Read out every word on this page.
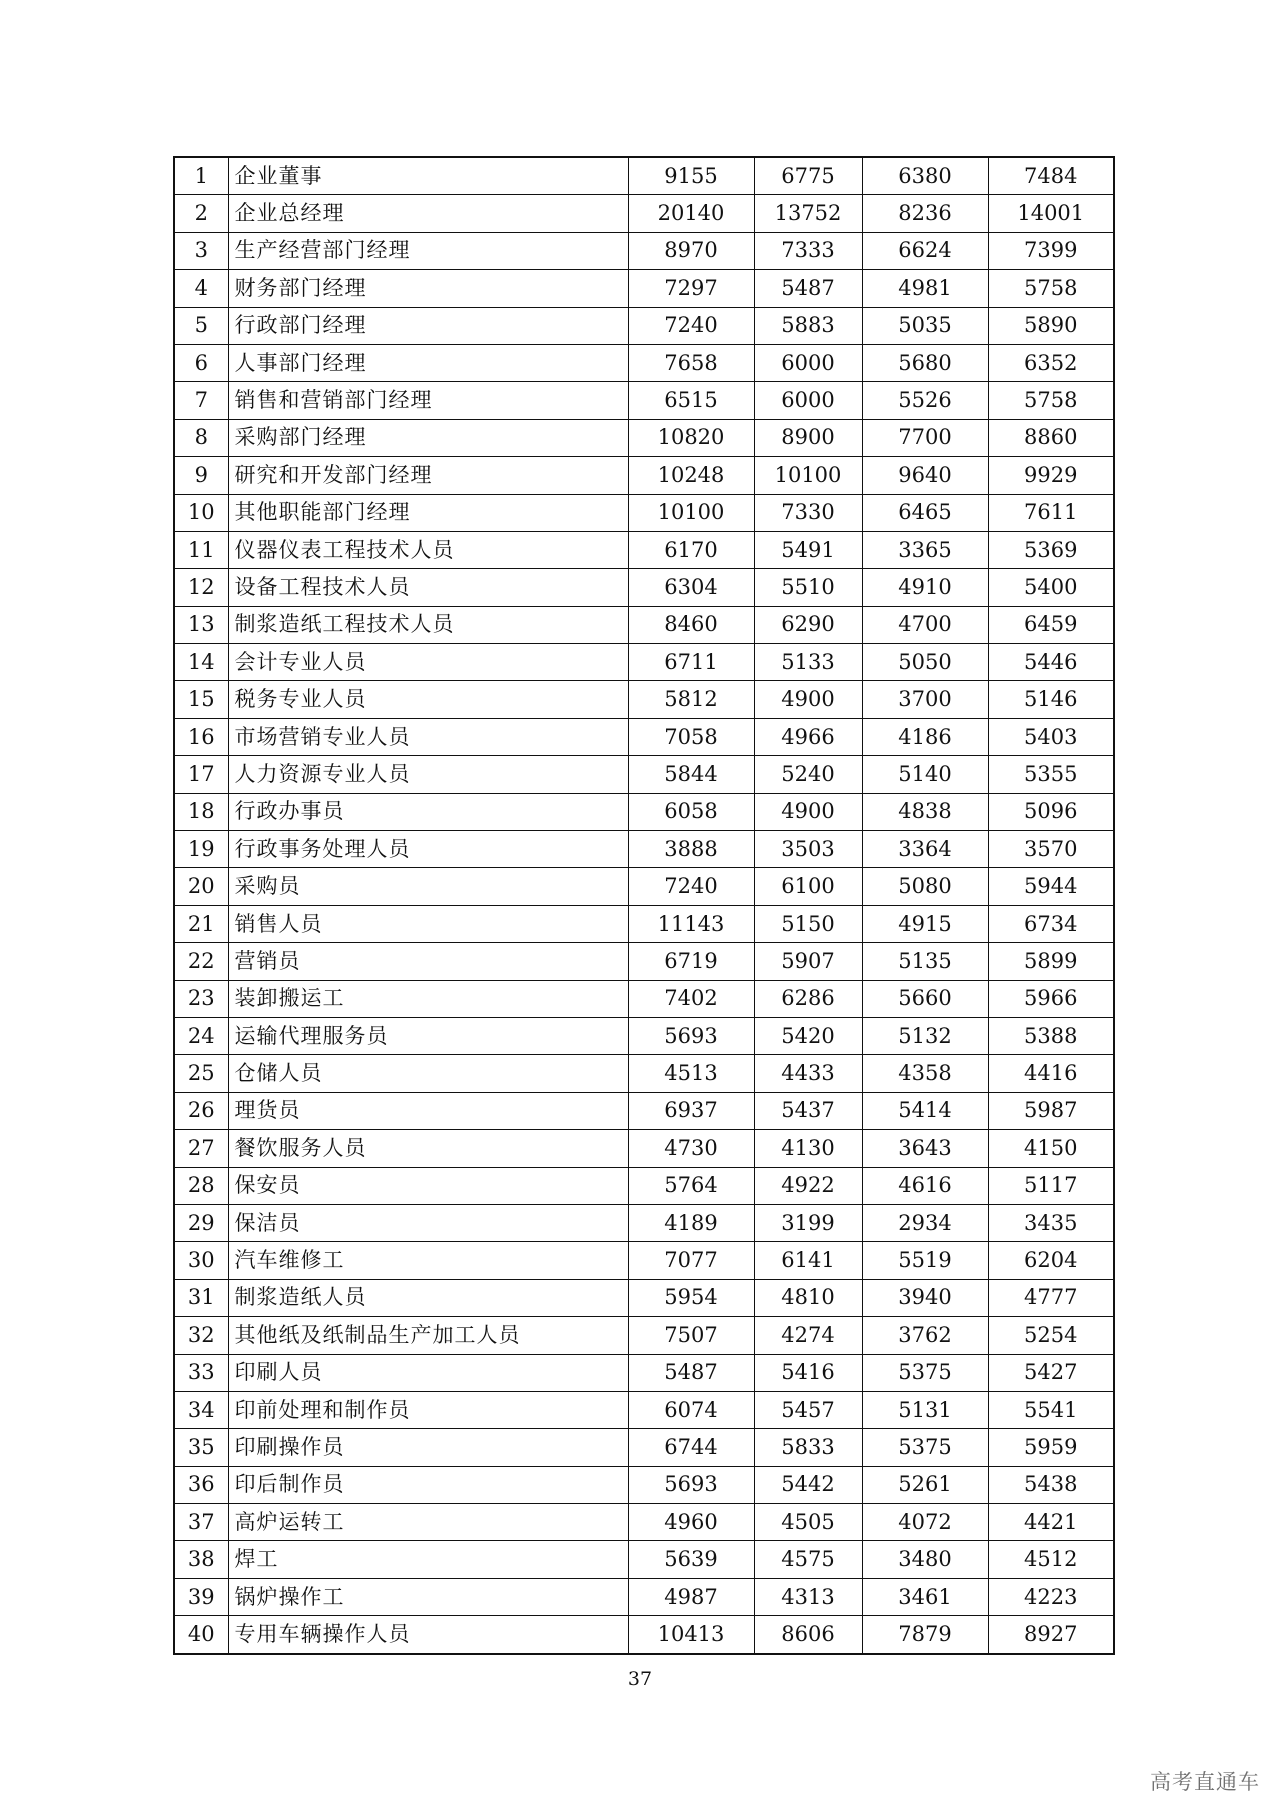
1	企业董事	9155	6775	6380	7484
2	企业总经理	20140	13752	8236	14001
3	生产经营部门经理	8970	7333	6624	7399
4	财务部门经理	7297	5487	4981	5758
5	行政部门经理	7240	5883	5035	5890
6	人事部门经理	7658	6000	5680	6352
7	销售和营销部门经理	6515	6000	5526	5758
8	采购部门经理	10820	8900	7700	8860
9	研究和开发部门经理	10248	10100	9640	9929
10	其他职能部门经理	10100	7330	6465	7611
11	仪器仪表工程技术人员	6170	5491	3365	5369
12	设备工程技术人员	6304	5510	4910	5400
13	制浆造纸工程技术人员	8460	6290	4700	6459
14	会计专业人员	6711	5133	5050	5446
15	税务专业人员	5812	4900	3700	5146
16	市场营销专业人员	7058	4966	4186	5403
17	人力资源专业人员	5844	5240	5140	5355
18	行政办事员	6058	4900	4838	5096
19	行政事务处理人员	3888	3503	3364	3570
20	采购员	7240	6100	5080	5944
21	销售人员	11143	5150	4915	6734
22	营销员	6719	5907	5135	5899
23	装卸搬运工	7402	6286	5660	5966
24	运输代理服务员	5693	5420	5132	5388
25	仓储人员	4513	4433	4358	4416
26	理货员	6937	5437	5414	5987
27	餐饮服务人员	4730	4130	3643	4150
28	保安员	5764	4922	4616	5117
29	保洁员	4189	3199	2934	3435
30	汽车维修工	7077	6141	5519	6204
31	制浆造纸人员	5954	4810	3940	4777
32	其他纸及纸制品生产加工人员	7507	4274	3762	5254
33	印刷人员	5487	5416	5375	5427
34	印前处理和制作员	6074	5457	5131	5541
35	印刷操作员	6744	5833	5375	5959
36	印后制作员	5693	5442	5261	5438
37	高炉运转工	4960	4505	4072	4421
38	焊工	5639	4575	3480	4512
39	锅炉操作工	4987	4313	3461	4223
40	专用车辆操作人员	10413	8606	7879	8927
37
高考直通车
